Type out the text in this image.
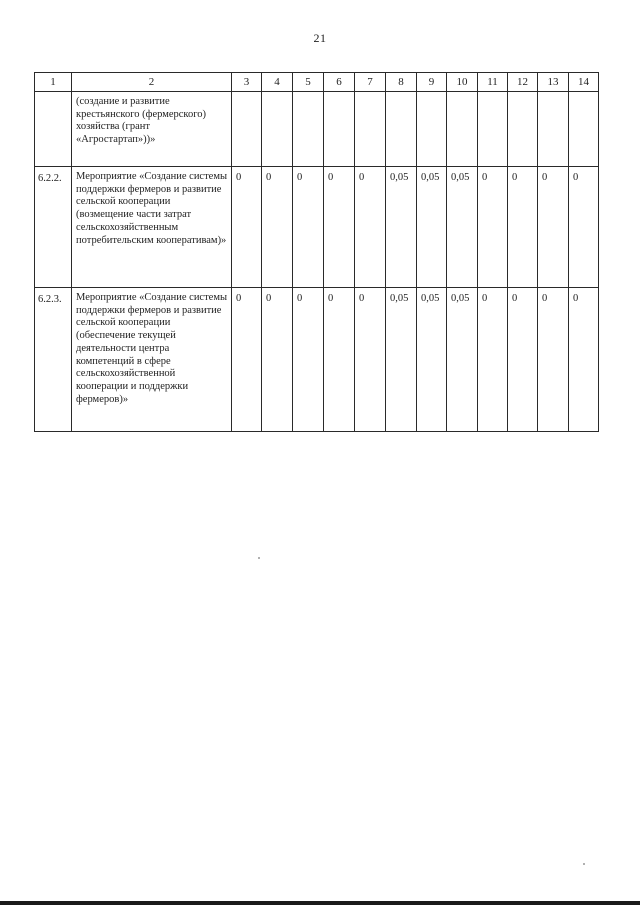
21
1	2	3	4	5	6	7	8	9	10	11	12	13	14
	(создание и развитие крестьянского (фермерского) хозяйства (грант «Агростартап»))»												
6.2.2.	Мероприятие «Создание системы поддержки фермеров и развитие сельской кооперации (возмещение части затрат сельскохозяйственным потребительским кооперативам)»	0	0	0	0	0	0,05	0,05	0,05	0	0	0	0
6.2.3.	Мероприятие «Создание системы поддержки фермеров и развитие сельской кооперации (обеспечение текущей деятельности центра компетенций в сфере сельскохозяйственной кооперации и поддержки фермеров)»	0	0	0	0	0	0,05	0,05	0,05	0	0	0	0
